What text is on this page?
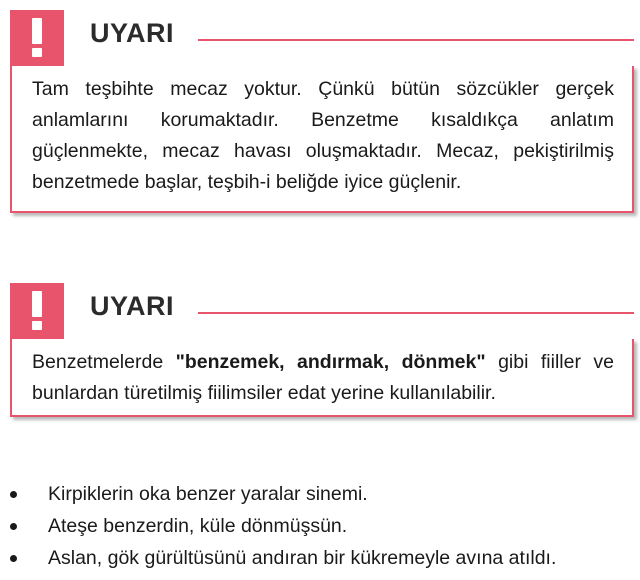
UYARI
Tam teşbihte mecaz yoktur. Çünkü bütün sözcükler gerçek anlamlarını korumaktadır. Benzetme kısaldıkça anlatım güçlenmekte, mecaz havası oluşmaktadır. Mecaz, pekiştirilmiş benzetmede başlar, teşbih-i beliğde iyice güçlenir.
UYARI
Benzetmelerde "benzemek, andırmak, dönmek" gibi fiiller ve bunlardan türetilmiş fiilimsiler edat yerine kullanılabilir.
Kirpiklerin oka benzer yaralar sinemi.
Ateşe benzerdin, küle dönmüşsün.
Aslan, gök gürültüsünü andıran bir kükremeyle avına atıldı.
